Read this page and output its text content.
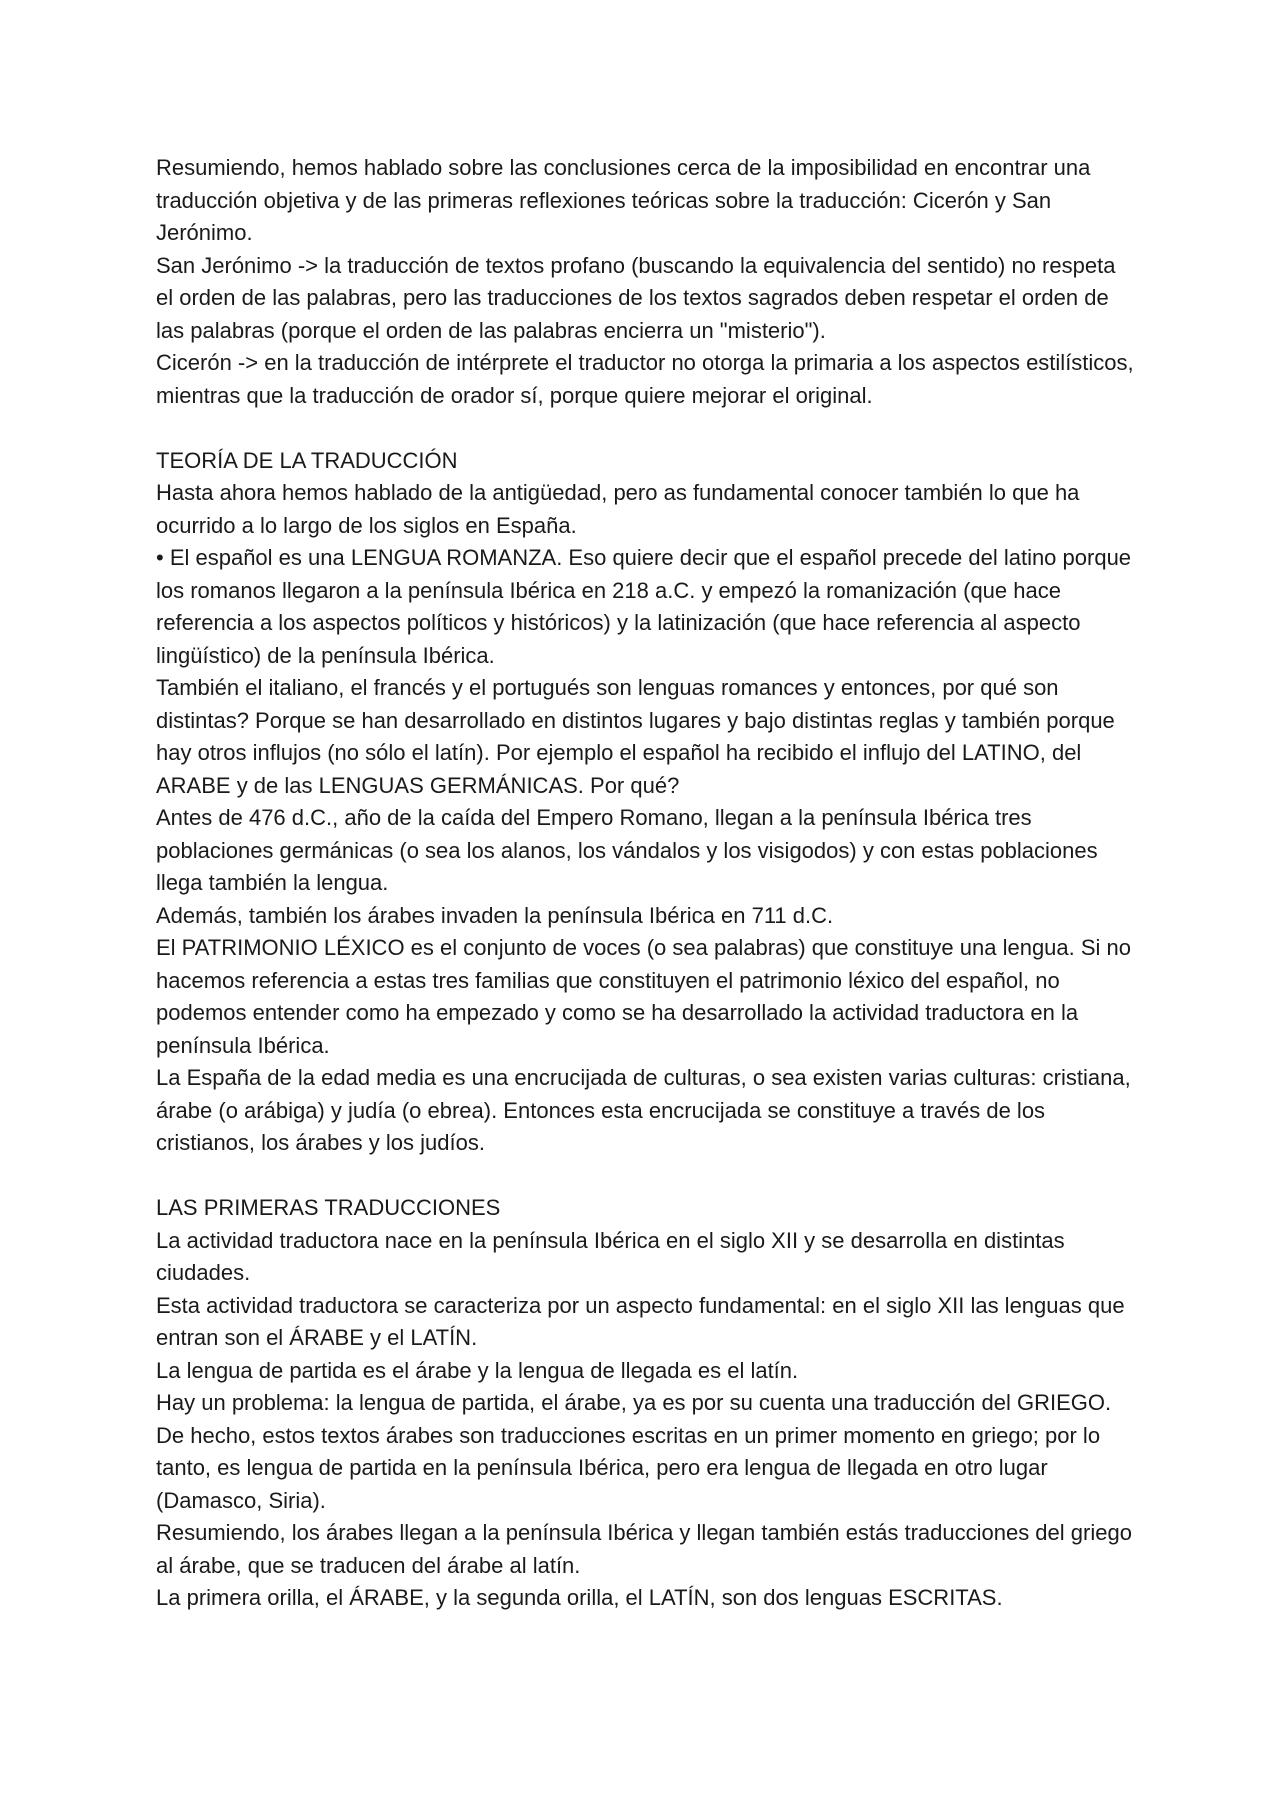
Resumiendo, hemos hablado sobre las conclusiones cerca de la imposibilidad en encontrar una traducción objetiva y de las primeras reflexiones teóricas sobre la traducción: Cicerón y San Jerónimo.

San Jerónimo -> la traducción de textos profano (buscando la equivalencia del sentido) no respeta el orden de las palabras, pero las traducciones de los textos sagrados deben respetar el orden de las palabras (porque el orden de las palabras encierra un "misterio").

Cicerón -> en la traducción de intérprete el traductor no otorga la primaria a los aspectos estilísticos, mientras que la traducción de orador sí, porque quiere mejorar el original.

TEORÍA DE LA TRADUCCIÓN

Hasta ahora hemos hablado de la antigüedad, pero as fundamental conocer también lo que ha ocurrido a lo largo de los siglos en España.

• El español es una LENGUA ROMANZA. Eso quiere decir que el español precede del latino porque los romanos llegaron a la península Ibérica en 218 a.C. y empezó la romanización (que hace referencia a los aspectos políticos y históricos) y la latinización (que hace referencia al aspecto lingüístico) de la península Ibérica.

También el italiano, el francés y el portugués son lenguas romances y entonces, por qué son distintas? Porque se han desarrollado en distintos lugares y bajo distintas reglas y también porque hay otros influjos (no sólo el latín). Por ejemplo el español ha recibido el influjo del LATINO, del ARABE y de las LENGUAS GERMÁNICAS. Por qué?

Antes de 476 d.C., año de la caída del Empero Romano, llegan a la península Ibérica tres poblaciones germánicas (o sea los alanos, los vándalos y los visigodos) y con estas poblaciones llega también la lengua.

Además, también los árabes invaden la península Ibérica en 711 d.C.

El PATRIMONIO LÉXICO es el conjunto de voces (o sea palabras) que constituye una lengua. Si no hacemos referencia a estas tres familias que constituyen el patrimonio léxico del español, no podemos entender como ha empezado y como se ha desarrollado la actividad traductora en la península Ibérica.

La España de la edad media es una encrucijada de culturas, o sea existen varias culturas: cristiana, árabe (o arábiga) y judía (o ebrea). Entonces esta encrucijada se constituye a través de los cristianos, los árabes y los judíos.

LAS PRIMERAS TRADUCCIONES

La actividad traductora nace en la península Ibérica en el siglo XII y se desarrolla en distintas ciudades.

Esta actividad traductora se caracteriza por un aspecto fundamental: en el siglo XII las lenguas que entran son el ÁRABE y el LATÍN.

La lengua de partida es el árabe y la lengua de llegada es el latín.

Hay un problema: la lengua de partida, el árabe, ya es por su cuenta una traducción del GRIEGO. De hecho, estos textos árabes son traducciones escritas en un primer momento en griego; por lo tanto, es lengua de partida en la península Ibérica, pero era lengua de llegada en otro lugar (Damasco, Siria).

Resumiendo, los árabes llegan a la península Ibérica y llegan también estás traducciones del griego al árabe, que se traducen del árabe al latín.

La primera orilla, el ÁRABE, y la segunda orilla, el LATÍN, son dos lenguas ESCRITAS.
